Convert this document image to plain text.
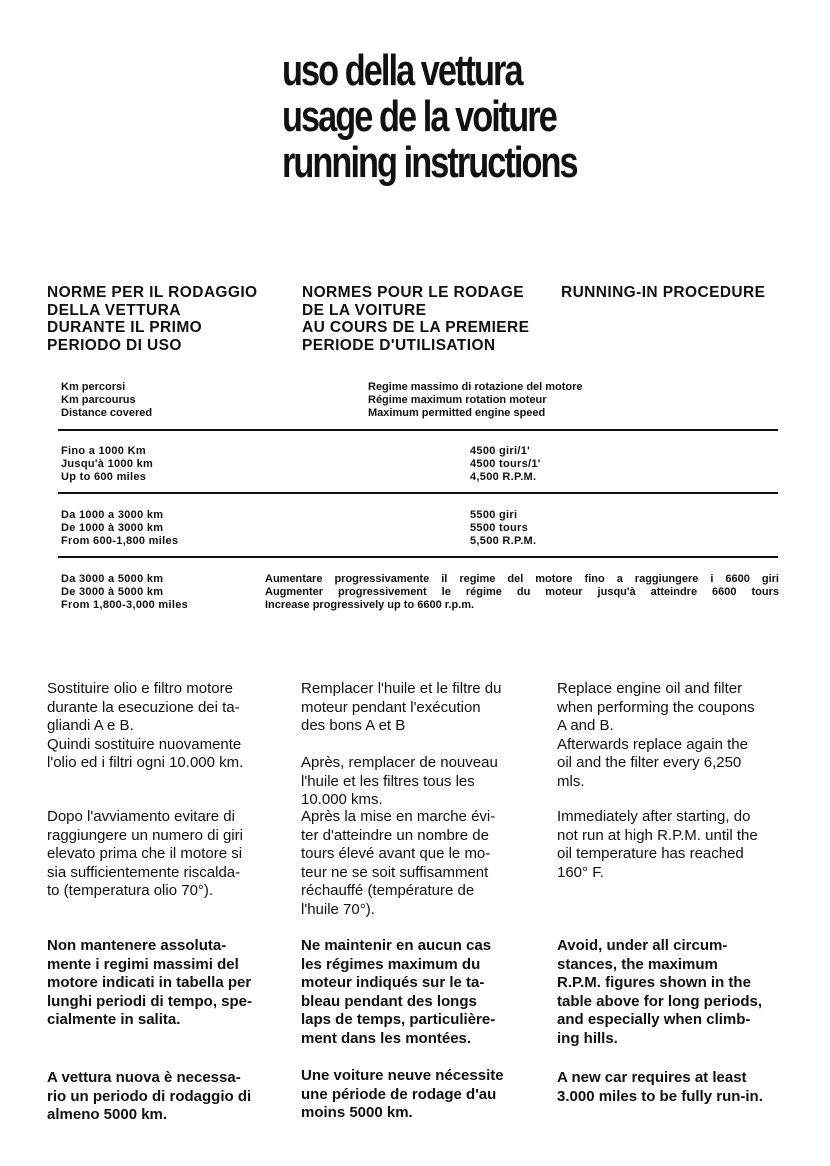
uso della vettura
usage de la voiture
running instructions
NORME PER IL RODAGGIO
DELLA VETTURA
DURANTE IL PRIMO
PERIODO DI USO
NORMES POUR LE RODAGE
DE LA VOITURE
AU COURS DE LA PREMIERE
PERIODE D'UTILISATION
RUNNING-IN PROCEDURE
Km percorsi
Km parcourus
Distance covered
Regime massimo di rotazione del motore
Régime maximum rotation moteur
Maximum permitted engine speed
Fino a 1000 Km
Jusqu'à 1000 km
Up to 600 miles
4500 giri/1'
4500 tours/1'
4,500 R.P.M.
Da 1000 a 3000 km
De 1000 à 3000 km
From 600-1,800 miles
5500 giri
5500 tours
5,500 R.P.M.
Da 3000 a 5000 km
De 3000 à 5000 km
From 1,800-3,000 miles
Aumentare progressivamente il regime del motore fino a raggiungere i 6600 giri
Augmenter progressivement le régime du moteur jusqu'à atteindre 6600 tours
Increase progressively up to 6600 r.p.m.
Sostituire olio e filtro motore
durante la esecuzione dei ta-
gliandi A e B.
Quindi sostituire nuovamente
l'olio ed i filtri ogni 10.000 km.
Remplacer l'huile et le filtre du
moteur pendant l'exécution
des bons A et B
Après, remplacer de nouveau
l'huile et les filtres tous les
10.000 kms.
Replace engine oil and filter
when performing the coupons
A and B.
Afterwards replace again the
oil and the filter every 6,250
mls.
Dopo l'avviamento evitare di
raggiungere un numero di giri
elevato prima che il motore si
sia sufficientemente riscalda-
to (temperatura olio 70°).
Après la mise en marche évi-
ter d'atteindre un nombre de
tours élevé avant que le mo-
teur ne se soit suffisamment
réchauffé (température de
l'huile 70°).
Immediately after starting, do
not run at high R.P.M. until the
oil temperature has reached
160° F.
Non mantenere assoluta-
mente i regimi massimi del
motore indicati in tabella per
lunghi periodi di tempo, spe-
cialmente in salita.
Ne maintenir en aucun cas
les régimes maximum du
moteur indiqués sur le ta-
bleau pendant des longs
laps de temps, particulière-
ment dans les montées.
Avoid, under all circum-
stances, the maximum
R.P.M. figures shown in the
table above for long periods,
and especially when climb-
ing hills.
A vettura nuova è necessa-
rio un periodo di rodaggio di
almeno 5000 km.
Une voiture neuve nécessite
une période de rodage d'au
moins 5000 km.
A new car requires at least
3.000 miles to be fully run-in.
